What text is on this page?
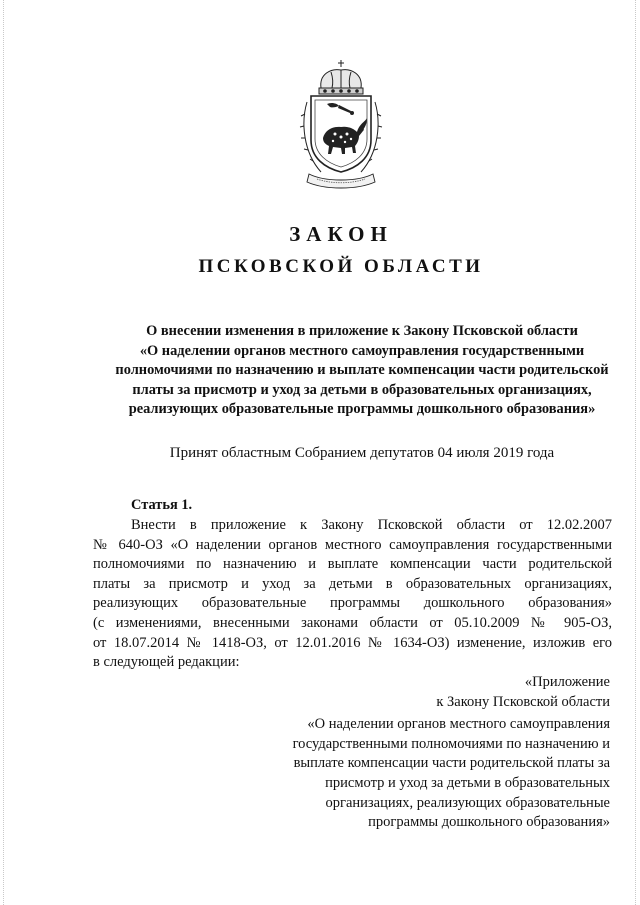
ЗАКОН
ПСКОВСКОЙ ОБЛАСТИ
О внесении изменения в приложение к Закону Псковской области
«О наделении органов местного самоуправления государственными
полномочиями по назначению и выплате компенсации части родительской
платы за присмотр и уход за детьми в образовательных организациях,
реализующих образовательные программы дошкольного образования»

Принят областным Собранием депутатов 04 июля 2019 года

Статья 1.

Внести в приложение к Закону Псковской области от 12.02.2007
№ 640-ОЗ «О наделении органов местного самоуправления государственными
полномочиями по назначению и выплате компенсации части родительской
платы за присмотр и уход за детьми в образовательных организациях,
реализующих образовательные программы дошкольного образования»
(с изменениями, внесенными законами области от 05.10.2009 № 905-ОЗ,
от 18.07.2014 № 1418-ОЗ, от 12.01.2016 № 1634-ОЗ) изменение, изложив его
в следующей редакции:
«Приложение
к Закону Псковской области
«О наделении органов местного самоуправления
государственными полномочиями по назначению и
выплате компенсации части родительской платы за
присмотр и уход за детьми в образовательных
организациях, реализующих образовательные
программы дошкольного образования»
